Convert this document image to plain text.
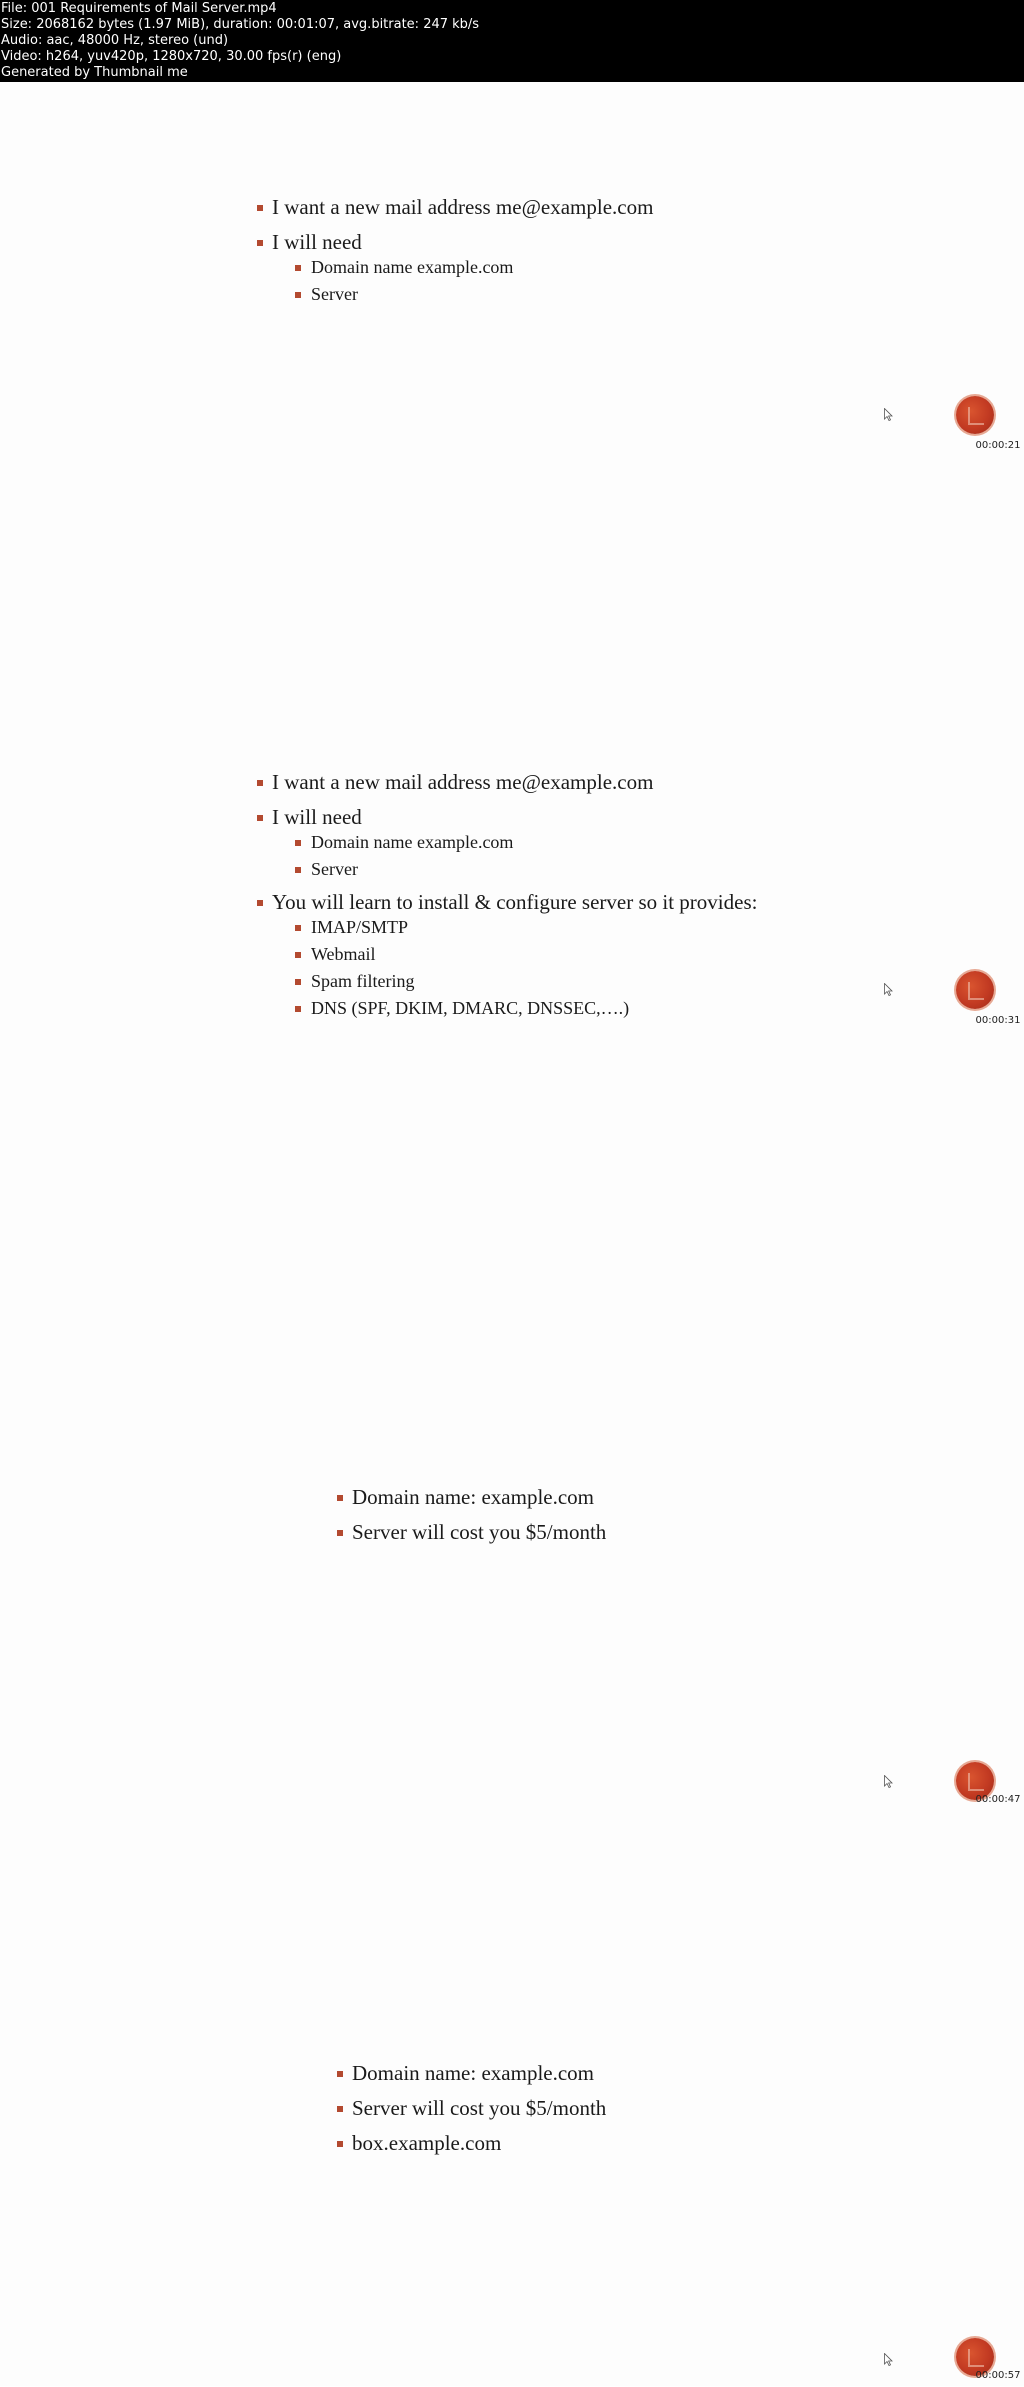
File: 001 Requirements of Mail Server.mp4
Size: 2068162 bytes (1.97 MiB), duration: 00:01:07, avg.bitrate: 247 kb/s
Audio: aac, 48000 Hz, stereo (und)
Video: h264, yuv420p, 1280x720, 30.00 fps(r) (eng)
Generated by Thumbnail me
I want a new mail address me@example.com
I will need
Domain name example.com
Server
00:00:21
I want a new mail address me@example.com
I will need
Domain name example.com
Server
You will learn to install & configure server so it provides:
IMAP/SMTP
Webmail
Spam filtering
DNS (SPF, DKIM, DMARC, DNSSEC,….)
00:00:31
Domain name: example.com
Server will cost you $5/month
00:00:47
Domain name: example.com
Server will cost you $5/month
box.example.com
00:00:57
